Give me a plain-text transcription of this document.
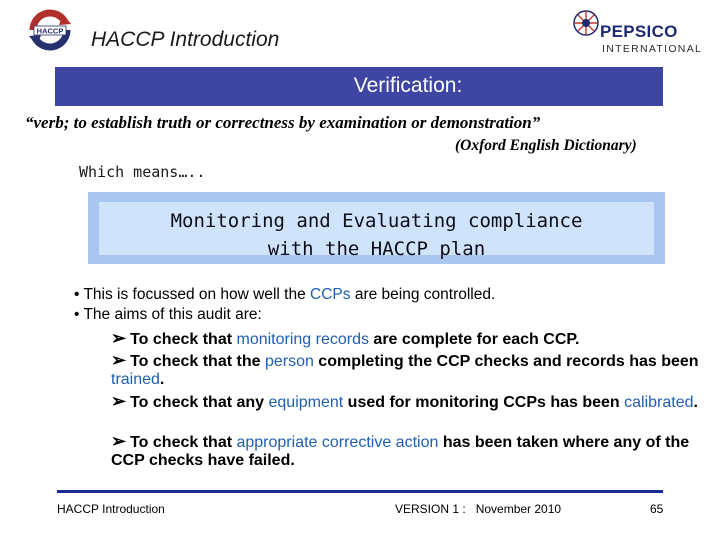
HACCP HACCP Introduction	PEPSICO
INTERNATIONAL
Verification:
“verb; to establish truth or correctness by examination or demonstration”
(Oxford English Dictionary)
Which means…..
Monitoring and Evaluating compliance
with the HACCP plan
• This is focussed on how well the CCPs are being controlled.
• The aims of this audit are:
➢ To check that monitoring records are complete for each CCP.
➢ To check that the person completing the CCP checks and records has been trained.
➢ To check that any equipment used for monitoring CCPs has been calibrated.
➢ To check that appropriate corrective action has been taken where any of the CCP checks have failed.
HACCP Introduction	VERSION 1 :   November 2010	65
